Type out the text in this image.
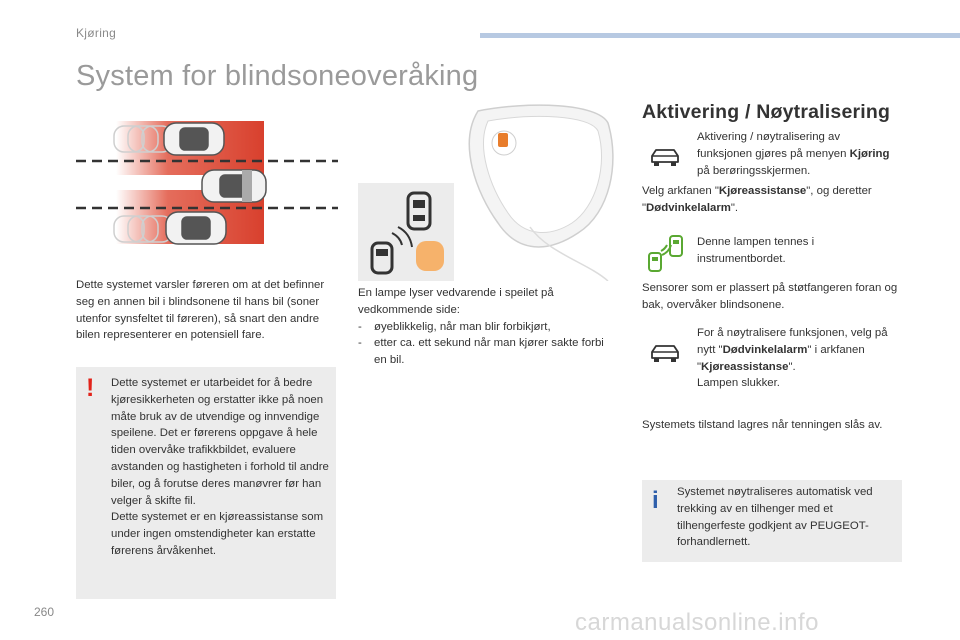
Kjøring
System for blindsoneoveråking
Dette systemet varsler føreren om at det befinner seg en annen bil i blindsonene til hans bil (soner utenfor synsfeltet til føreren), så snart den andre bilen representerer en potensiell fare.
! Dette systemet er utarbeidet for å bedre kjøresikkerheten og erstatter ikke på noen måte bruk av de utvendige og innvendige speilene. Det er førerens oppgave å hele tiden overvåke trafikkbildet, evaluere avstanden og hastigheten i forhold til andre biler, og å forutse deres manøvrer før han velger å skifte fil.
Dette systemet er en kjøreassistanse som under ingen omstendigheter kan erstatte førerens årvåkenhet.
En lampe lyser vedvarende i speilet på vedkommende side:
- øyeblikkelig, når man blir forbikjørt,
- etter ca. ett sekund når man kjører sakte forbi en bil.
Aktivering / Nøytralisering
Aktivering / nøytralisering av funksjonen gjøres på menyen Kjøring på berøringsskjermen.
Velg arkfanen "Kjøreassistanse", og deretter "Dødvinkelalarm".
Denne lampen tennes i instrumentbordet.
Sensorer som er plassert på støtfangeren foran og bak, overvåker blindsonene.
For å nøytralisere funksjonen, velg på nytt "Dødvinkelalarm" i arkfanen "Kjøreassistanse".
Lampen slukker.
Systemets tilstand lagres når tenningen slås av.
i Systemet nøytraliseres automatisk ved trekking av en tilhenger med et tilhengerfeste godkjent av PEUGEOT-forhandlernett.
260	carmanualsonline.info
